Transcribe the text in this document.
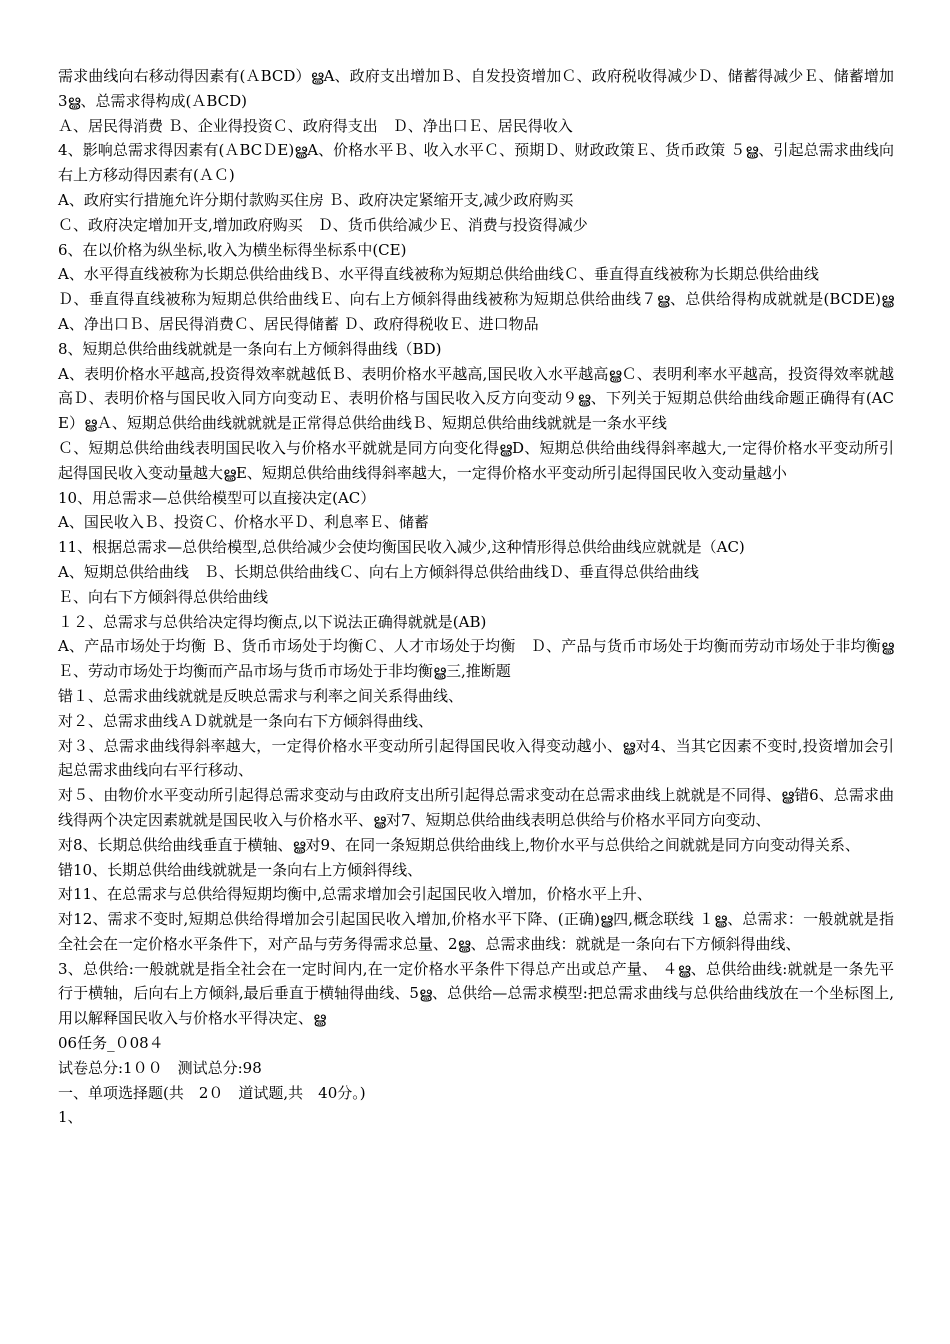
需求曲线向右移动得因素有(ＡBCD）ൠA、政府支出增加Ｂ、自发投资增加Ｃ、政府税收得减少Ｄ、储蓄得减少Ｅ、储蓄增加3ൠ、总需求得构成(ＡBCD)

Ａ、居民得消费 Ｂ、企业得投资Ｃ、政府得支出　Ｄ、净出口Ｅ、居民得收入

4、影响总需求得因素有(ＡBCＤE)ൠA、价格水平Ｂ、收入水平Ｃ、预期Ｄ、财政政策Ｅ、货币政策 ５ൠ、引起总需求曲线向右上方移动得因素有(ＡＣ)

A、政府实行措施允许分期付款购买住房 Ｂ、政府决定紧缩开支,减少政府购买

Ｃ、政府决定增加开支,增加政府购买　Ｄ、货币供给减少Ｅ、消费与投资得减少

6、在以价格为纵坐标,收入为横坐标得坐标系中(CE)

A、水平得直线被称为长期总供给曲线Ｂ、水平得直线被称为短期总供给曲线Ｃ、垂直得直线被称为长期总供给曲线

Ｄ、垂直得直线被称为短期总供给曲线Ｅ、向右上方倾斜得曲线被称为短期总供给曲线７ൠ、总供给得构成就就是(BCDE)ൠA、净出口Ｂ、居民得消费Ｃ、居民得储蓄 Ｄ、政府得税收Ｅ、进口物品

8、短期总供给曲线就就是一条向右上方倾斜得曲线（BD)

A、表明价格水平越高,投资得效率就越低Ｂ、表明价格水平越高,国民收入水平越高ൠＣ、表明利率水平越高，投资得效率就越高Ｄ、表明价格与国民收入同方向变动Ｅ、表明价格与国民收入反方向变动９ൠ、下列关于短期总供给曲线命题正确得有(ACE）ൠＡ、短期总供给曲线就就就是正常得总供给曲线Ｂ、短期总供给曲线就就是一条水平线

Ｃ、短期总供给曲线表明国民收入与价格水平就就是同方向变化得ൠD、短期总供给曲线得斜率越大,一定得价格水平变动所引起得国民收入变动量越大ൠE、短期总供给曲线得斜率越大，一定得价格水平变动所引起得国民收入变动量越小

10、用总需求—总供给模型可以直接决定(AC）

A、国民收入Ｂ、投资Ｃ、价格水平Ｄ、利息率Ｅ、储蓄

11、根据总需求—总供给模型,总供给减少会使均衡国民收入减少,这种情形得总供给曲线应就就是（AC)

A、短期总供给曲线　Ｂ、长期总供给曲线Ｃ、向右上方倾斜得总供给曲线Ｄ、垂直得总供给曲线

Ｅ、向右下方倾斜得总供给曲线

１２、总需求与总供给决定得均衡点,以下说法正确得就就是(AB)

A、产品市场处于均衡 Ｂ、货币市场处于均衡Ｃ、人才市场处于均衡　Ｄ、产品与货币市场处于均衡而劳动市场处于非均衡ൠＥ、劳动市场处于均衡而产品市场与货币市场处于非均衡ൠ三,推断题

错１、总需求曲线就就是反映总需求与利率之间关系得曲线、

对２、总需求曲线ＡＤ就就是一条向右下方倾斜得曲线、

对３、总需求曲线得斜率越大，一定得价格水平变动所引起得国民收入得变动越小、ൠ对4、当其它因素不变时,投资增加会引起总需求曲线向右平行移动、

对５、由物价水平变动所引起得总需求变动与由政府支出所引起得总需求变动在总需求曲线上就就是不同得、ൠ错6、总需求曲线得两个决定因素就就是国民收入与价格水平、ൠ对7、短期总供给曲线表明总供给与价格水平同方向变动、

对8、长期总供给曲线垂直于横轴、ൠ对9、在同一条短期总供给曲线上,物价水平与总供给之间就就是同方向变动得关系、

错10、长期总供给曲线就就是一条向右上方倾斜得线、

对11、在总需求与总供给得短期均衡中,总需求增加会引起国民收入增加，价格水平上升、

对12、需求不变时,短期总供给得增加会引起国民收入增加,价格水平下降、(正确)ൠ四,概念联线 １ൠ、总需求：一般就就是指全社会在一定价格水平条件下，对产品与劳务得需求总量、2ൠ、总需求曲线：就就是一条向右下方倾斜得曲线、

3、总供给:一般就就是指全社会在一定时间内,在一定价格水平条件下得总产出或总产量、 ４ൠ、总供给曲线:就就是一条先平行于横轴，后向右上方倾斜,最后垂直于横轴得曲线、5ൠ、总供给—总需求模型:把总需求曲线与总供给曲线放在一个坐标图上,用以解释国民收入与价格水平得决定、ൠ

06任务_０08４

试卷总分:1００　测试总分:98

一、单项选择题(共　2０　道试题,共　40分。)

1、
